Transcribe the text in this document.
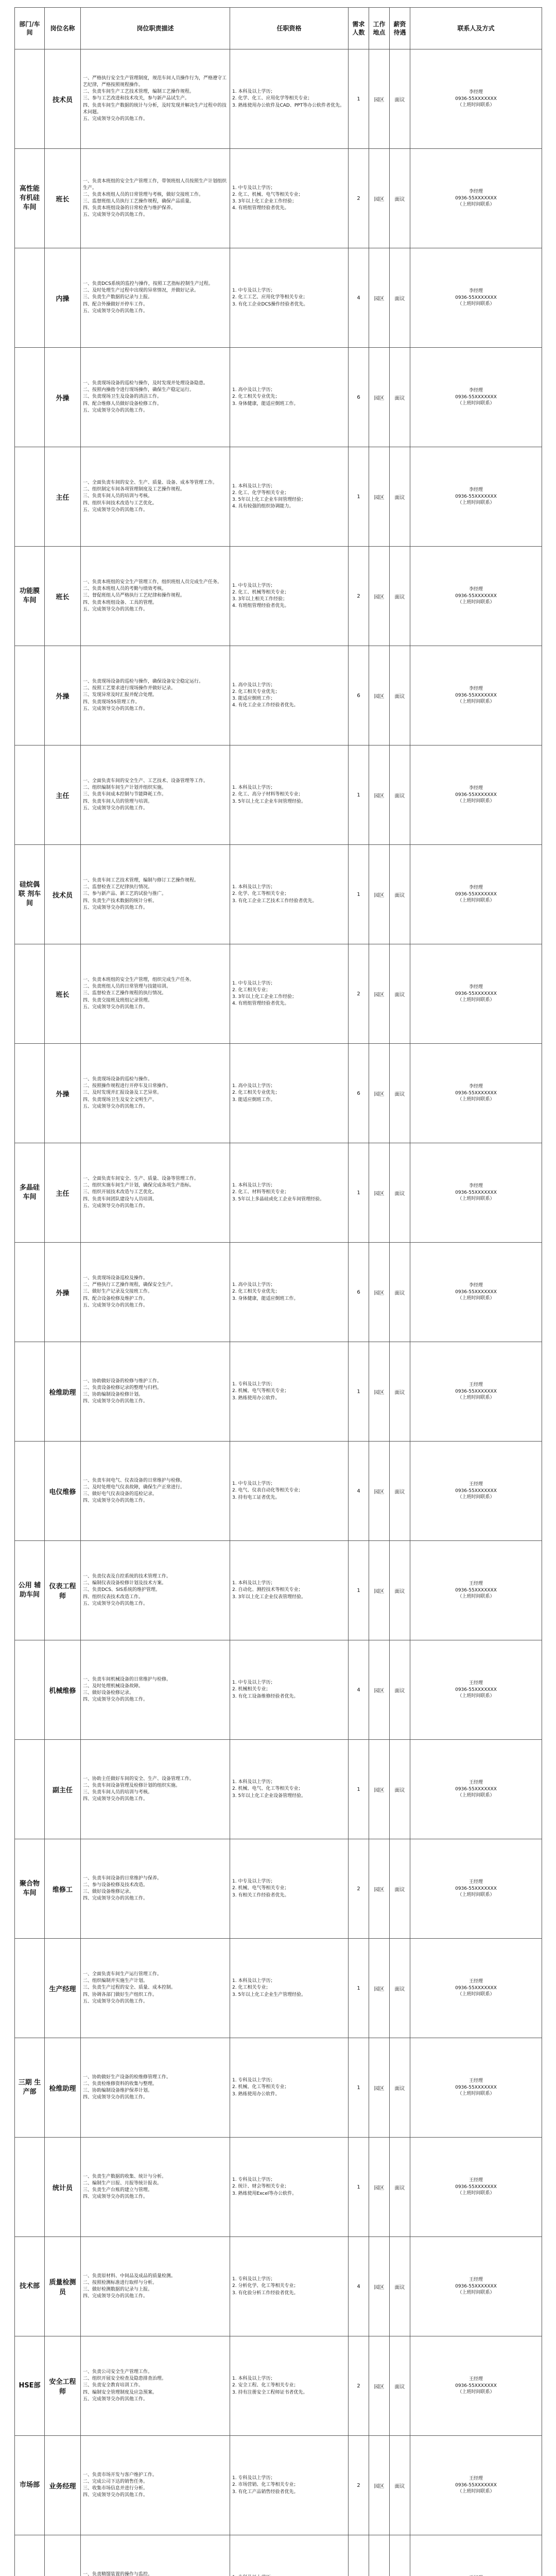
部门/车间	岗位名称	岗位职责描述	任职资格	需求人数	工作地点	薪资待遇	联系人及方式
	技术员	一、严格执行安全生产管理制度，规范车间人员操作行为，严格遵守工艺纪律，严格按照规程操作。
二、负责车间生产工艺技术管理，编制工艺操作规程。
三、参与工艺改进和技术攻关，参与新产品试生产。
四、负责车间生产数据的统计与分析，及时发现并解决生产过程中的技术问题。
五、完成领导交办的其他工作。	1. 本科及以上学历；
2. 化学、化工、应用化学等相关专业；
3. 熟练使用办公软件及CAD、PPT等办公软件者优先。	1	园区	面议	李经理
0936-55XXXXXXX
（上班时间联系）
高性能 有机硅 车间	班长	一、负责本班组的安全生产管理工作，带领班组人员按照生产计划组织生产。
二、负责本班组人员的日常管理与考核，做好交接班工作。
三、监督班组人员执行工艺操作规程，确保产品质量。
四、负责本班组设备的日常检查与维护保养。
五、完成领导交办的其他工作。	1. 中专及以上学历；
2. 化工、机械、电气等相关专业；
3. 3年以上化工企业工作经验；
4. 有班组管理经验者优先。	2	园区	面议	李经理
0936-55XXXXXXX
（上班时间联系）
	内操	一、负责DCS系统的监控与操作，按照工艺指标控制生产过程。
二、及时处理生产过程中出现的异常情况，并做好记录。
三、负责生产数据的记录与上报。
四、配合外操做好开停车工作。
五、完成领导交办的其他工作。	1. 中专及以上学历；
2. 化工工艺、应用化学等相关专业；
3. 有化工企业DCS操作经验者优先。	4	园区	面议	李经理
0936-55XXXXXXX
（上班时间联系）
	外操	一、负责现场设备的巡检与操作，及时发现并处理设备隐患。
二、按照内操指令进行现场操作，确保生产稳定运行。
三、负责现场卫生及设备的清洁工作。
四、配合维修人员做好设备检修工作。
五、完成领导交办的其他工作。	1. 高中及以上学历；
2. 化工相关专业优先；
3. 身体健康，能适应倒班工作。	6	园区	面议	李经理
0936-55XXXXXXX
（上班时间联系）
	主任	一、全面负责车间的安全、生产、质量、设备、成本等管理工作。
二、组织制定车间各项管理制度及工艺操作规程。
三、负责车间人员的培训与考核。
四、组织车间技术改造与工艺优化。
五、完成领导交办的其他工作。	1. 本科及以上学历；
2. 化工、化学等相关专业；
3. 5年以上化工企业车间管理经验；
4. 具有较强的组织协调能力。	1	园区	面议	李经理
0936-55XXXXXXX
（上班时间联系）
功能膜 车间	班长	一、负责本班组的安全生产管理工作，组织班组人员完成生产任务。
二、负责本班组人员的考勤与绩效考核。
三、督促班组人员严格执行工艺纪律和操作规程。
四、负责本班组设备、工具的管理。
五、完成领导交办的其他工作。	1. 中专及以上学历；
2. 化工、机械等相关专业；
3. 3年以上相关工作经验；
4. 有班组管理经验者优先。	2	园区	面议	李经理
0936-55XXXXXXX
（上班时间联系）
	外操	一、负责现场设备的巡检与操作，确保设备安全稳定运行。
二、按照工艺要求进行现场操作并做好记录。
三、发现异常及时汇报并配合处理。
四、负责现场5S管理工作。
五、完成领导交办的其他工作。	1. 高中及以上学历；
2. 化工相关专业优先；
3. 能适应倒班工作；
4. 有化工企业工作经验者优先。	6	园区	面议	李经理
0936-55XXXXXXX
（上班时间联系）
	主任	一、全面负责车间的安全生产、工艺技术、设备管理等工作。
二、组织编制车间生产计划并组织实施。
三、负责车间成本控制与节能降耗工作。
四、负责车间人员的管理与培训。
五、完成领导交办的其他工作。	1. 本科及以上学历；
2. 化工、高分子材料等相关专业；
3. 5年以上化工企业车间管理经验。	1	园区	面议	李经理
0936-55XXXXXXX
（上班时间联系）
硅烷偶联 剂车间	技术员	一、负责车间工艺技术管理，编制与修订工艺操作规程。
二、监督检查工艺纪律执行情况。
三、参与新产品、新工艺的试验与推广。
四、负责生产技术数据的统计分析。
五、完成领导交办的其他工作。	1. 本科及以上学历；
2. 化学、化工等相关专业；
3. 有化工企业工艺技术工作经验者优先。	1	园区	面议	李经理
0936-55XXXXXXX
（上班时间联系）
	班长	一、负责本班组的安全生产管理，组织完成生产任务。
二、负责班组人员的日常管理与技能培训。
三、监督检查工艺操作规程的执行情况。
四、负责交接班及班组记录管理。
五、完成领导交办的其他工作。	1. 中专及以上学历；
2. 化工相关专业；
3. 3年以上化工企业工作经验；
4. 有班组管理经验者优先。	2	园区	面议	李经理
0936-55XXXXXXX
（上班时间联系）
	外操	一、负责现场设备的巡检与操作。
二、按照操作规程进行开停车及日常操作。
三、及时发现并汇报设备及工艺异常。
四、负责现场卫生及安全文明生产。
五、完成领导交办的其他工作。	1. 高中及以上学历；
2. 化工相关专业优先；
3. 能适应倒班工作。	6	园区	面议	李经理
0936-55XXXXXXX
（上班时间联系）
多晶硅 车间	主任	一、全面负责车间安全、生产、质量、设备等管理工作。
二、组织实施车间生产计划，确保完成各项生产指标。
三、组织开展技术改造与工艺优化。
四、负责车间团队建设与人员培训。
五、完成领导交办的其他工作。	1. 本科及以上学历；
2. 化工、材料等相关专业；
3. 5年以上多晶硅或化工企业车间管理经验。	1	园区	面议	李经理
0936-55XXXXXXX
（上班时间联系）
	外操	一、负责现场设备巡检及操作。
二、严格执行工艺操作规程，确保安全生产。
三、做好生产记录及交接班工作。
四、配合设备检修及维护工作。
五、完成领导交办的其他工作。	1. 高中及以上学历；
2. 化工相关专业优先；
3. 身体健康，能适应倒班工作。	6	园区	面议	李经理
0936-55XXXXXXX
（上班时间联系）
	检维助理	一、协助做好设备的检修与维护工作。
二、负责设备检修记录的整理与归档。
三、协助编制设备检修计划。
四、完成领导交办的其他工作。	1. 专科及以上学历；
2. 机械、电气等相关专业；
3. 熟练使用办公软件。	1	园区	面议	王经理
0936-55XXXXXXX
（上班时间联系）
	电仪维修	一、负责车间电气、仪表设备的日常维护与检修。
二、及时处理电气仪表故障，确保生产正常进行。
三、做好电气仪表设备的巡检记录。
四、完成领导交办的其他工作。	1. 中专及以上学历；
2. 电气、仪表自动化等相关专业；
3. 持有电工证者优先。	4	园区	面议	王经理
0936-55XXXXXXX
（上班时间联系）
公用 辅助车间	仪表工程师	一、负责仪表及自控系统的技术管理工作。
二、编制仪表设备检修计划及技术方案。
三、负责DCS、SIS系统的维护管理。
四、组织仪表技术改造工作。
五、完成领导交办的其他工作。	1. 本科及以上学历；
2. 自动化、测控技术等相关专业；
3. 3年以上化工企业仪表管理经验。	1	园区	面议	王经理
0936-55XXXXXXX
（上班时间联系）
	机械维修	一、负责车间机械设备的日常维护与检修。
二、及时处理机械设备故障。
三、做好设备检修记录。
四、完成领导交办的其他工作。	1. 中专及以上学历；
2. 机械相关专业；
3. 有化工设备维修经验者优先。	4	园区	面议	王经理
0936-55XXXXXXX
（上班时间联系）
	副主任	一、协助主任做好车间的安全、生产、设备管理工作。
二、负责车间设备管理及检修计划的组织实施。
三、负责车间人员的培训与考核。
四、完成领导交办的其他工作。	1. 本科及以上学历；
2. 机械、电气、化工等相关专业；
3. 5年以上化工企业设备管理经验。	1	园区	面议	王经理
0936-55XXXXXXX
（上班时间联系）
聚合物 车间	维修工	一、负责车间设备的日常维护与保养。
二、参与设备检修及技术改造。
三、做好设备维修记录。
四、完成领导交办的其他工作。	1. 中专及以上学历；
2. 机械、电气等相关专业；
3. 有相关工作经验者优先。	2	园区	面议	王经理
0936-55XXXXXXX
（上班时间联系）
	生产经理	一、全面负责车间生产运行管理工作。
二、组织编制并实施生产计划。
三、负责生产过程的安全、质量、成本控制。
四、协调各部门做好生产组织工作。
五、完成领导交办的其他工作。	1. 本科及以上学历；
2. 化工相关专业；
3. 5年以上化工企业生产管理经验。	1	园区	面议	王经理
0936-55XXXXXXX
（上班时间联系）
三期 生产部	检维助理	一、协助做好生产设备的检维修管理工作。
二、负责检维修资料的收集与整理。
三、协助编制设备维护保养计划。
四、完成领导交办的其他工作。	1. 专科及以上学历；
2. 机械、化工等相关专业；
3. 熟练使用办公软件。	1	园区	面议	王经理
0936-55XXXXXXX
（上班时间联系）
	统计员	一、负责生产数据的收集、统计与分析。
二、编制生产日报、月报等统计报表。
三、负责生产台账的建立与管理。
四、完成领导交办的其他工作。	1. 专科及以上学历；
2. 统计、财会等相关专业；
3. 熟练使用Excel等办公软件。	1	园区	面议	王经理
0936-55XXXXXXX
（上班时间联系）
技术部	质量检测员	一、负责原材料、中间品及成品的质量检测。
二、按照检测标准进行取样与分析。
三、做好检测数据的记录与上报。
四、完成领导交办的其他工作。	1. 专科及以上学历；
2. 分析化学、化工等相关专业；
3. 有化验分析工作经验者优先。	4	园区	面议	王经理
0936-55XXXXXXX
（上班时间联系）
HSE部	安全工程师	一、负责公司安全生产管理工作。
二、组织开展安全检查及隐患排查治理。
三、负责安全教育培训工作。
四、编制安全管理制度及应急预案。
五、完成领导交办的其他工作。	1. 本科及以上学历；
2. 安全工程、化工等相关专业；
3. 持有注册安全工程师证书者优先。	2	园区	面议	王经理
0936-55XXXXXXX
（上班时间联系）
市场部	业务经理	一、负责市场开发与客户维护工作。
二、完成公司下达的销售任务。
三、收集市场信息并进行分析。
四、完成领导交办的其他工作。	1. 专科及以上学历；
2. 市场营销、化工等相关专业；
3. 有化工产品销售经验者优先。	2	园区	面议	王经理
0936-55XXXXXXX
（上班时间联系）
		一、负责精馏装置的操作与监控。
